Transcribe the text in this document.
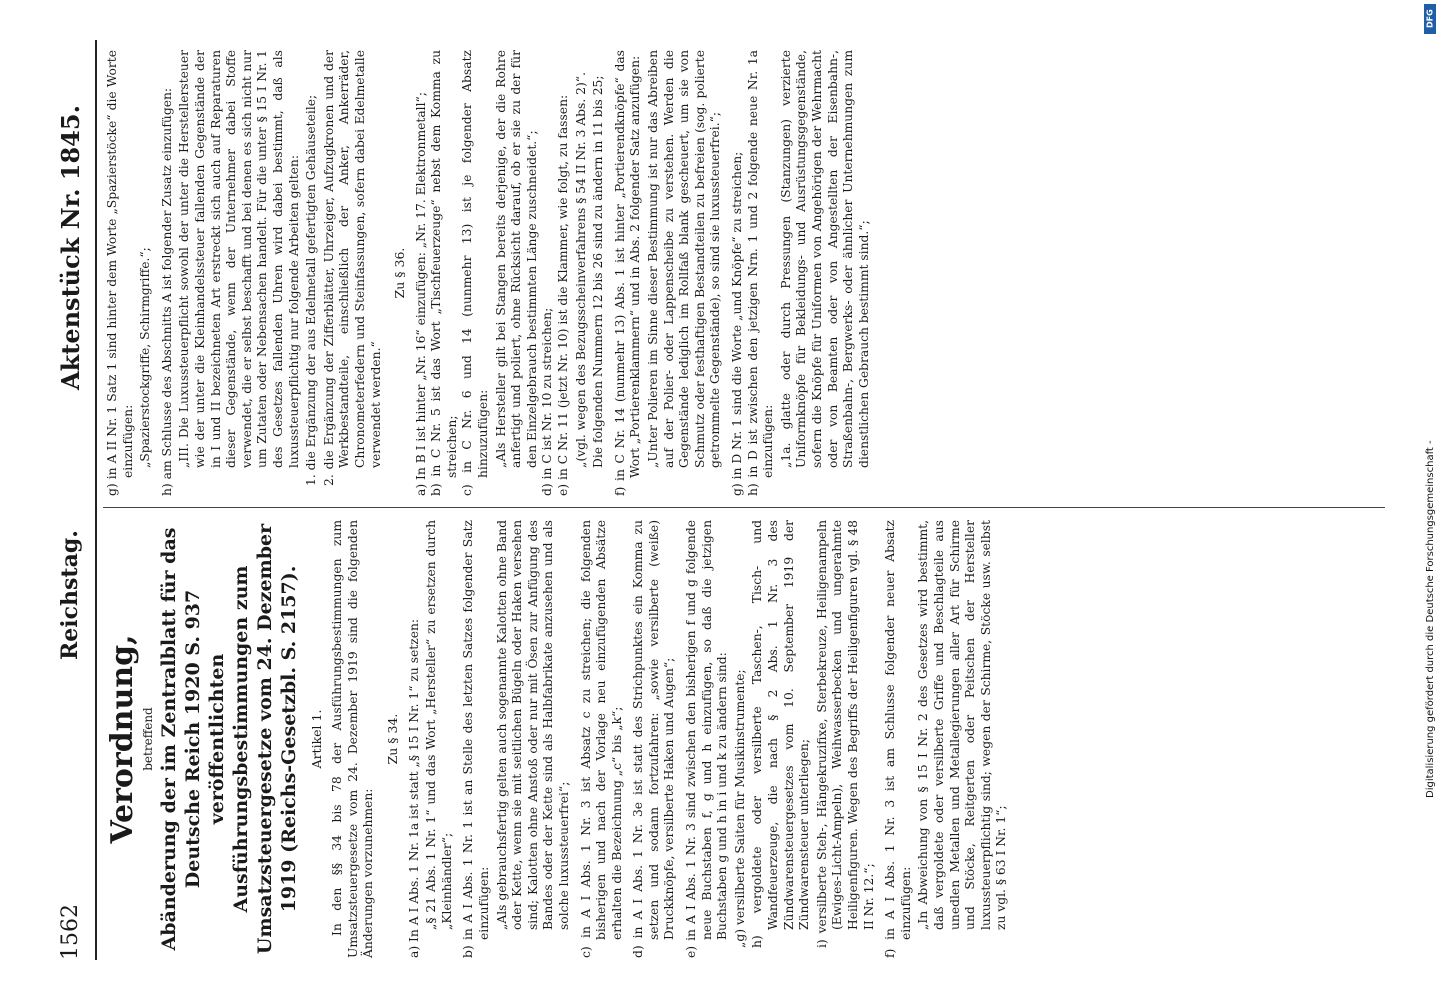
1562
Reichstag.
Aktenstück Nr. 1845.

Verordnung, betreffend Abänderung der im Zentralblatt für das Deutsche Reich 1920 S. 937 veröffentlichten Ausführungsbestimmungen zum Umsatzsteuergesetze vom 24. Dezember 1919 (Reichs-Gesetzbl. S. 2157). Artikel 1. In den §§ 34 bis 78 der Ausführungsbestimmungen zum Umsatzsteuergesetze vom 24. Dezember 1919 sind die folgenden Änderungen vorzunehmen:

Zu § 34. a) In A I Abs. 1 Nr. 1a ist statt „§ 15 I Nr. 1“ zu setzen: „§ 21 Abs. 1 Nr. 1“ und das Wort „Hersteller“ zu ersetzen durch „Kleinhändler“; b) in A I Abs. 1 Nr. 1 ist an Stelle des letzten Satzes folgender Satz einzufügen: „Als gebrauchsfertig gelten auch sogenannte Kalotten ohne Band oder Kette, wenn sie mit seitlichen Bügeln oder Haken versehen sind; Kalotten ohne Anstoß oder nur mit Ösen zur Anfügung des Bandes oder der Kette sind als Halbfabrikate anzusehen und als solche luxussteuerfrei“; c) in A I Abs. 1 Nr. 3 ist Absatz c zu streichen; die folgenden bisherigen und nach der Vorlage neu einzufügenden Absätze erhalten die Bezeichnung „c“ bis „k“; d) in A I Abs. 1 Nr. 3e ist statt des Strichpunktes ein Komma zu setzen und sodann fortzufahren: „sowie versilberte (weiße) Druckknöpfe, versilberte Haken und Augen“; e) in A I Abs. 1 Nr. 3 sind zwischen den bisherigen f und g folgende neue Buchstaben f, g und h einzufügen, so daß die jetzigen Buchstaben g und h in i und k zu ändern sind: „g) versilberte Saiten für Musikinstrumente; h) vergoldete oder versilberte Taschen-, Tisch- und Wandfeuerzeuge, die nach § 2 Abs. 1 Nr. 3 des Zündwarensteuergesetzes vom 10. September 1919 der Zündwarensteuer unterliegen; i) versilberte Steh-, Hängekruzifixe, Sterbekreuze, Heiligenampeln (Ewiges-Licht-Ampeln), Weihwasserbecken und ungerahmte Heiligenfiguren. Wegen des Begriffs der Heiligenfiguren vgl. § 48 II Nr. 12.“; f) in A I Abs. 1 Nr. 3 ist am Schlusse folgender neuer Absatz einzufügen: „In Abweichung von § 15 I Nr. 2 des Gesetzes wird bestimmt, daß vergoldete oder versilberte Griffe und Beschlagteile aus unedlen Metallen und Metallegierungen aller Art für Schirme und Stöcke, Reitgerten oder Peitschen der Hersteller luxussteuerpflichtig sind; wegen der Schirme, Stöcke usw. selbst zu vgl. § 63 I Nr. 1“;

g) in A II Nr. 1 Satz 1 sind hinter dem Worte „Spazierstöcke“ die Worte einzufügen: „Spazierstockgriffe, Schirmgriffe.“; h) am Schlusse des Abschnitts A ist folgender Zusatz einzufügen: „III. Die Luxussteuerpflicht sowohl der unter die Herstellersteuer wie der unter die Kleinhandelssteuer fallenden Gegenstände der in I und II bezeichneten Art erstreckt sich auch auf Reparaturen dieser Gegenstände, wenn der Unternehmer dabei Stoffe verwendet, die er selbst beschafft und bei denen es sich nicht nur um Zutaten oder Nebensachen handelt. Für die unter § 15 I Nr. 1 des Gesetzes fallenden Uhren wird dabei bestimmt, daß als luxussteuerpflichtig nur folgende Arbeiten gelten: 1. die Ergänzung der aus Edelmetall gefertigten Gehäuseteile; 2. die Ergänzung der Zifferblätter, Uhrzeiger, Aufzugkronen und der Werkbestandteile, einschließlich der Anker, Ankerräder, Chronometerfedern und Steinfassungen, sofern dabei Edelmetalle verwendet werden.“

Zu § 36. a) In B I ist hinter „Nr. 16“ einzufügen: „Nr. 17. Elektronmetall“; b) in C Nr. 5 ist das Wort „Tischfeuerzeuge“ nebst dem Komma zu streichen; c) in C Nr. 6 und 14 (nunmehr 13) ist je folgender Absatz hinzuzufügen: „Als Hersteller gilt bei Stangen bereits derjenige, der die Rohre anfertigt und poliert, ohne Rücksicht darauf, ob er sie zu der für den Einzelgebrauch bestimmten Länge zuschneidet.“; d) in C ist Nr. 10 zu streichen; e) in C Nr. 11 (jetzt Nr. 10) ist die Klammer, wie folgt, zu fassen: „(vgl. wegen des Bezugsscheinverfahrens § 54 II Nr. 3 Abs. 2)“. Die folgenden Nummern 12 bis 26 sind zu ändern in 11 bis 25; f) in C Nr. 14 (nunmehr 13) Abs. 1 ist hinter „Portierendknöpfe“ das Wort „Portierenklammern“ und in Abs. 2 folgender Satz anzufügen: „Unter Polieren im Sinne dieser Bestimmung ist nur das Abreiben auf der Polier- oder Lappenscheibe zu verstehen. Werden die Gegenstände lediglich im Rollfaß blank gescheuert, um sie von Schmutz oder festhaftigen Bestandteilen zu befreien (sog. polierte getrommelte Gegenstände), so sind sie luxussteuerfrei.“; g) in D Nr. 1 sind die Worte „und Knöpfe“ zu streichen; h) in D ist zwischen den jetzigen Nrn. 1 und 2 folgende neue Nr. 1a einzufügen: „1a. glatte oder durch Pressungen (Stanzungen) verzierte Uniformknöpfe für Bekleidungs- und Ausrüstungsgegenstände, sofern die Knöpfe für Uniformen von Angehörigen der Wehrmacht oder von Beamten oder von Angestellten der Eisenbahn-, Straßenbahn-, Bergwerks- oder ähnlicher Unternehmungen zum dienstlichen Gebrauch bestimmt sind.“;

DFG
Digitalisierung gefördert durch die Deutsche Forschungsgemeinschaft -
